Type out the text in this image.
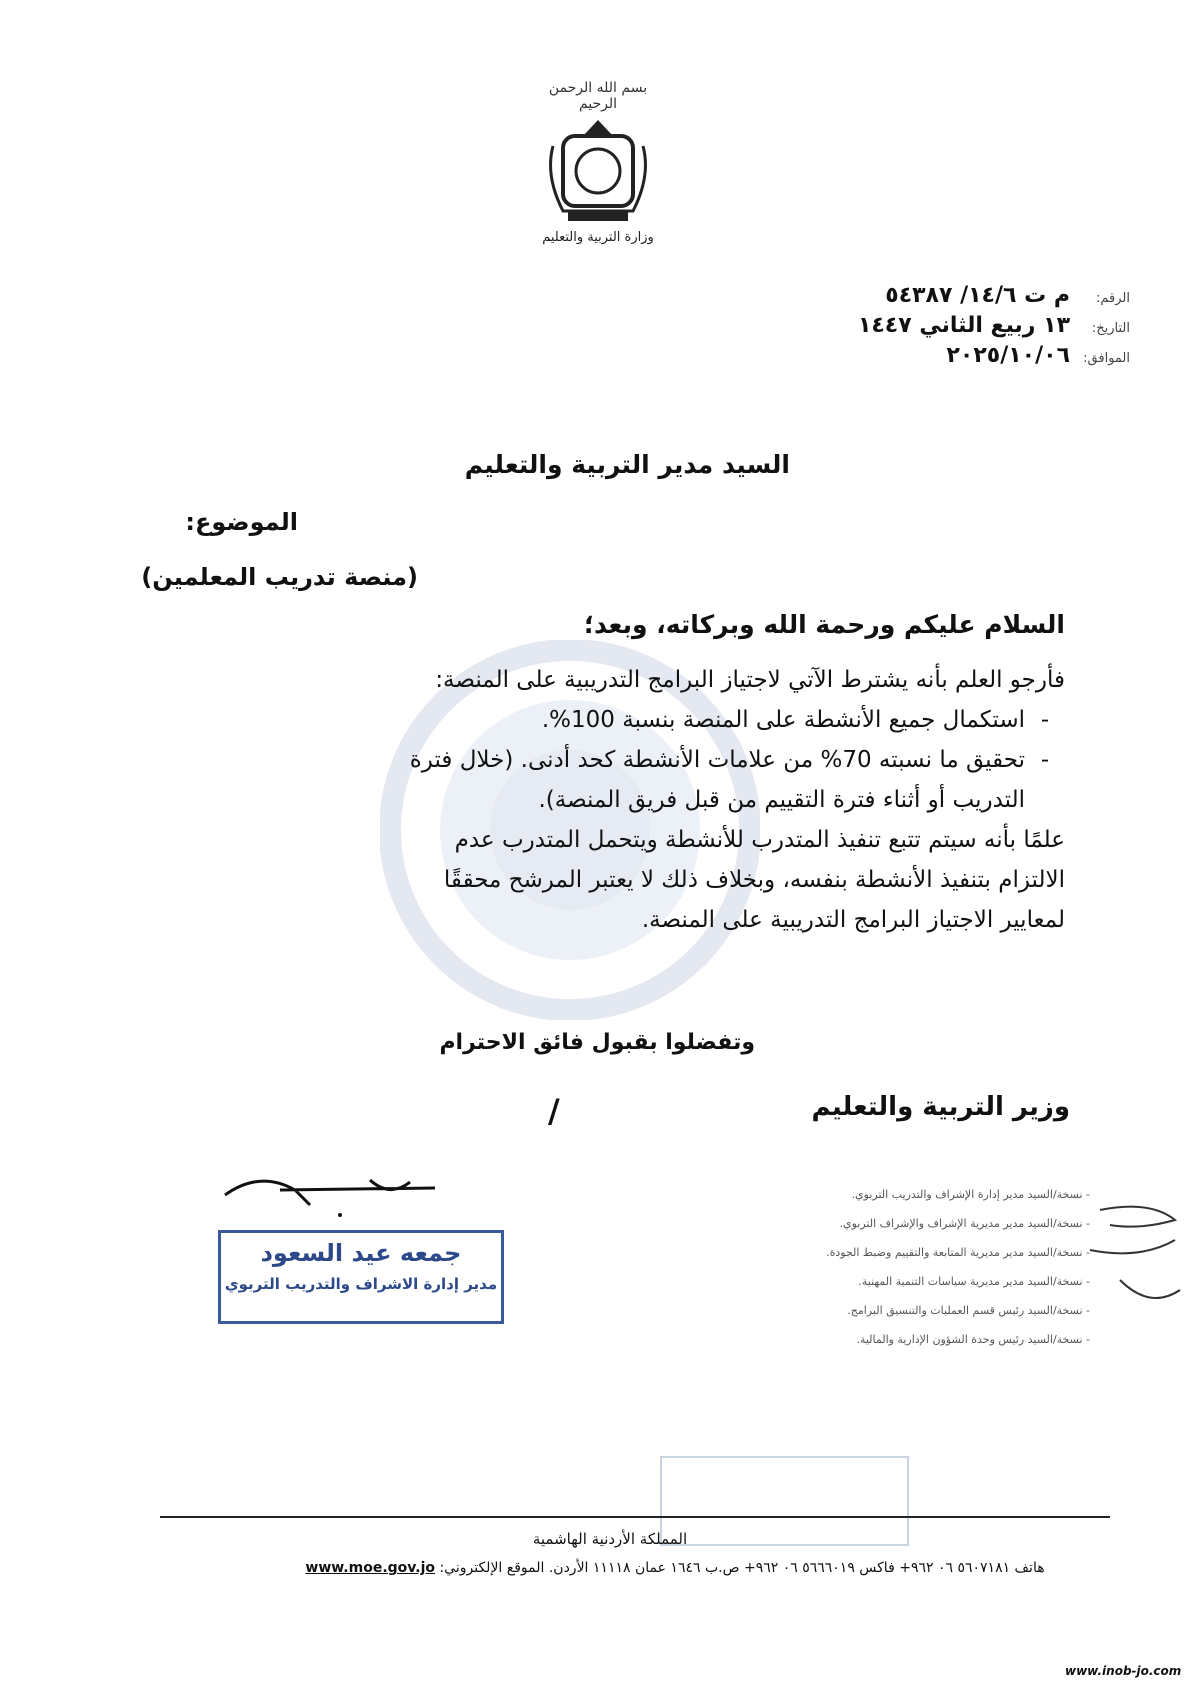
بسم الله الرحمن الرحيم
وزارة التربية والتعليم
الرقم:
م ت ١٤/٦/ ٥٤٣٨٧
التاريخ:
١٣ ربيع الثاني ١٤٤٧
الموافق:
٢٠٢٥/١٠/٠٦
السيد مدير التربية والتعليم
الموضوع:
(منصة تدريب المعلمين)
السلام عليكم ورحمة الله وبركاته، وبعد؛

فأرجو العلم بأنه يشترط الآتي لاجتياز البرامج التدريبية على المنصة:

-
استكمال جميع الأنشطة على المنصة بنسبة 100%.
-
تحقيق ما نسبته 70% من علامات الأنشطة كحد أدنى. (خلال فترة

التدريب أو أثناء فترة التقييم من قبل فريق المنصة).

علمًا بأنه سيتم تتبع تنفيذ المتدرب للأنشطة ويتحمل المتدرب عدم

الالتزام بتنفيذ الأنشطة بنفسه، وبخلاف ذلك لا يعتبر المرشح محققًا

لمعايير الاجتياز البرامج التدريبية على المنصة.

وتفضلوا بقبول فائق الاحترام
وزير التربية والتعليم
/
جمعه عيد السعود
مدير إدارة الاشراف والتدريب التربوي
- نسخة/السيد مدير إدارة الإشراف والتدريب التربوي.
- نسخة/السيد مدير مديرية الإشراف والإشراف التربوي.
- نسخة/السيد مدير مديرية المتابعة والتقييم وضبط الجودة.
- نسخة/السيد مدير مديرية سياسات التنمية المهنية.
- نسخة/السيد رئيس قسم العمليات والتنسيق البرامج.
- نسخة/السيد رئيس وحدة الشؤون الإدارية والمالية.
المملكة الأردنية الهاشمية
هاتف ٥٦٠٧١٨١ ٠٦ ٩٦٢+ فاكس ٥٦٦٦٠١٩ ٠٦ ٩٦٢+ ص.ب ١٦٤٦ عمان ١١١١٨ الأردن. الموقع الإلكتروني: www.moe.gov.jo
www.inob-jo.com
